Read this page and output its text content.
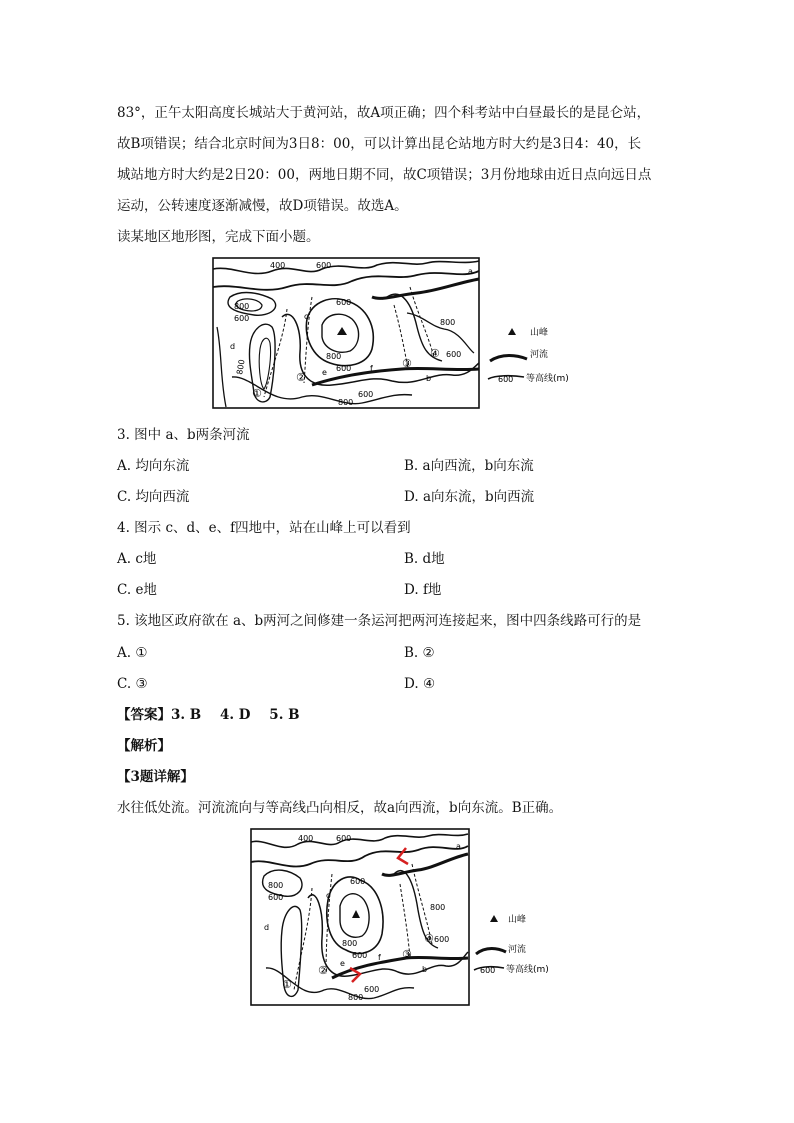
83°，正午太阳高度长城站大于黄河站，故A项正确；四个科考站中白昼最长的是昆仑站，
故B项错误；结合北京时间为3日8：00，可以计算出昆仑站地方时大约是3日4：40，长
城站地方时大约是2日20：00，两地日期不同，故C项错误；3月份地球由近日点向远日点
运动，公转速度逐渐减慢，故D项错误。故选A。
读某地区地形图，完成下面小题。
400	600
800
600
600
800
600
800
600
800
600
800
a
b
c
d
e	f
①
②
③
④
山峰
河流
600 等高线(m)
3. 图中 a、b两条河流
A. 均向东流	B. a向西流，b向东流
C. 均向西流	D. a向东流，b向西流
4. 图示 c、d、e、f四地中，站在山峰上可以看到
A. c地	B. d地
C. e地	D. f地
5. 该地区政府欲在 a、b两河之间修建一条运河把两河连接起来，图中四条线路可行的是
A. ①	B. ②
C. ③	D. ④
【答案】3. B    4. D    5. B
【解析】
【3题详解】
水往低处流。河流流向与等高线凸向相反，故a向西流，b向东流。B正确。
400	600
800
600
600
800
600
800
600
800
600
a
b
c
d
e
f
①
②
③
④
山峰
河流
600 等高线(m)
